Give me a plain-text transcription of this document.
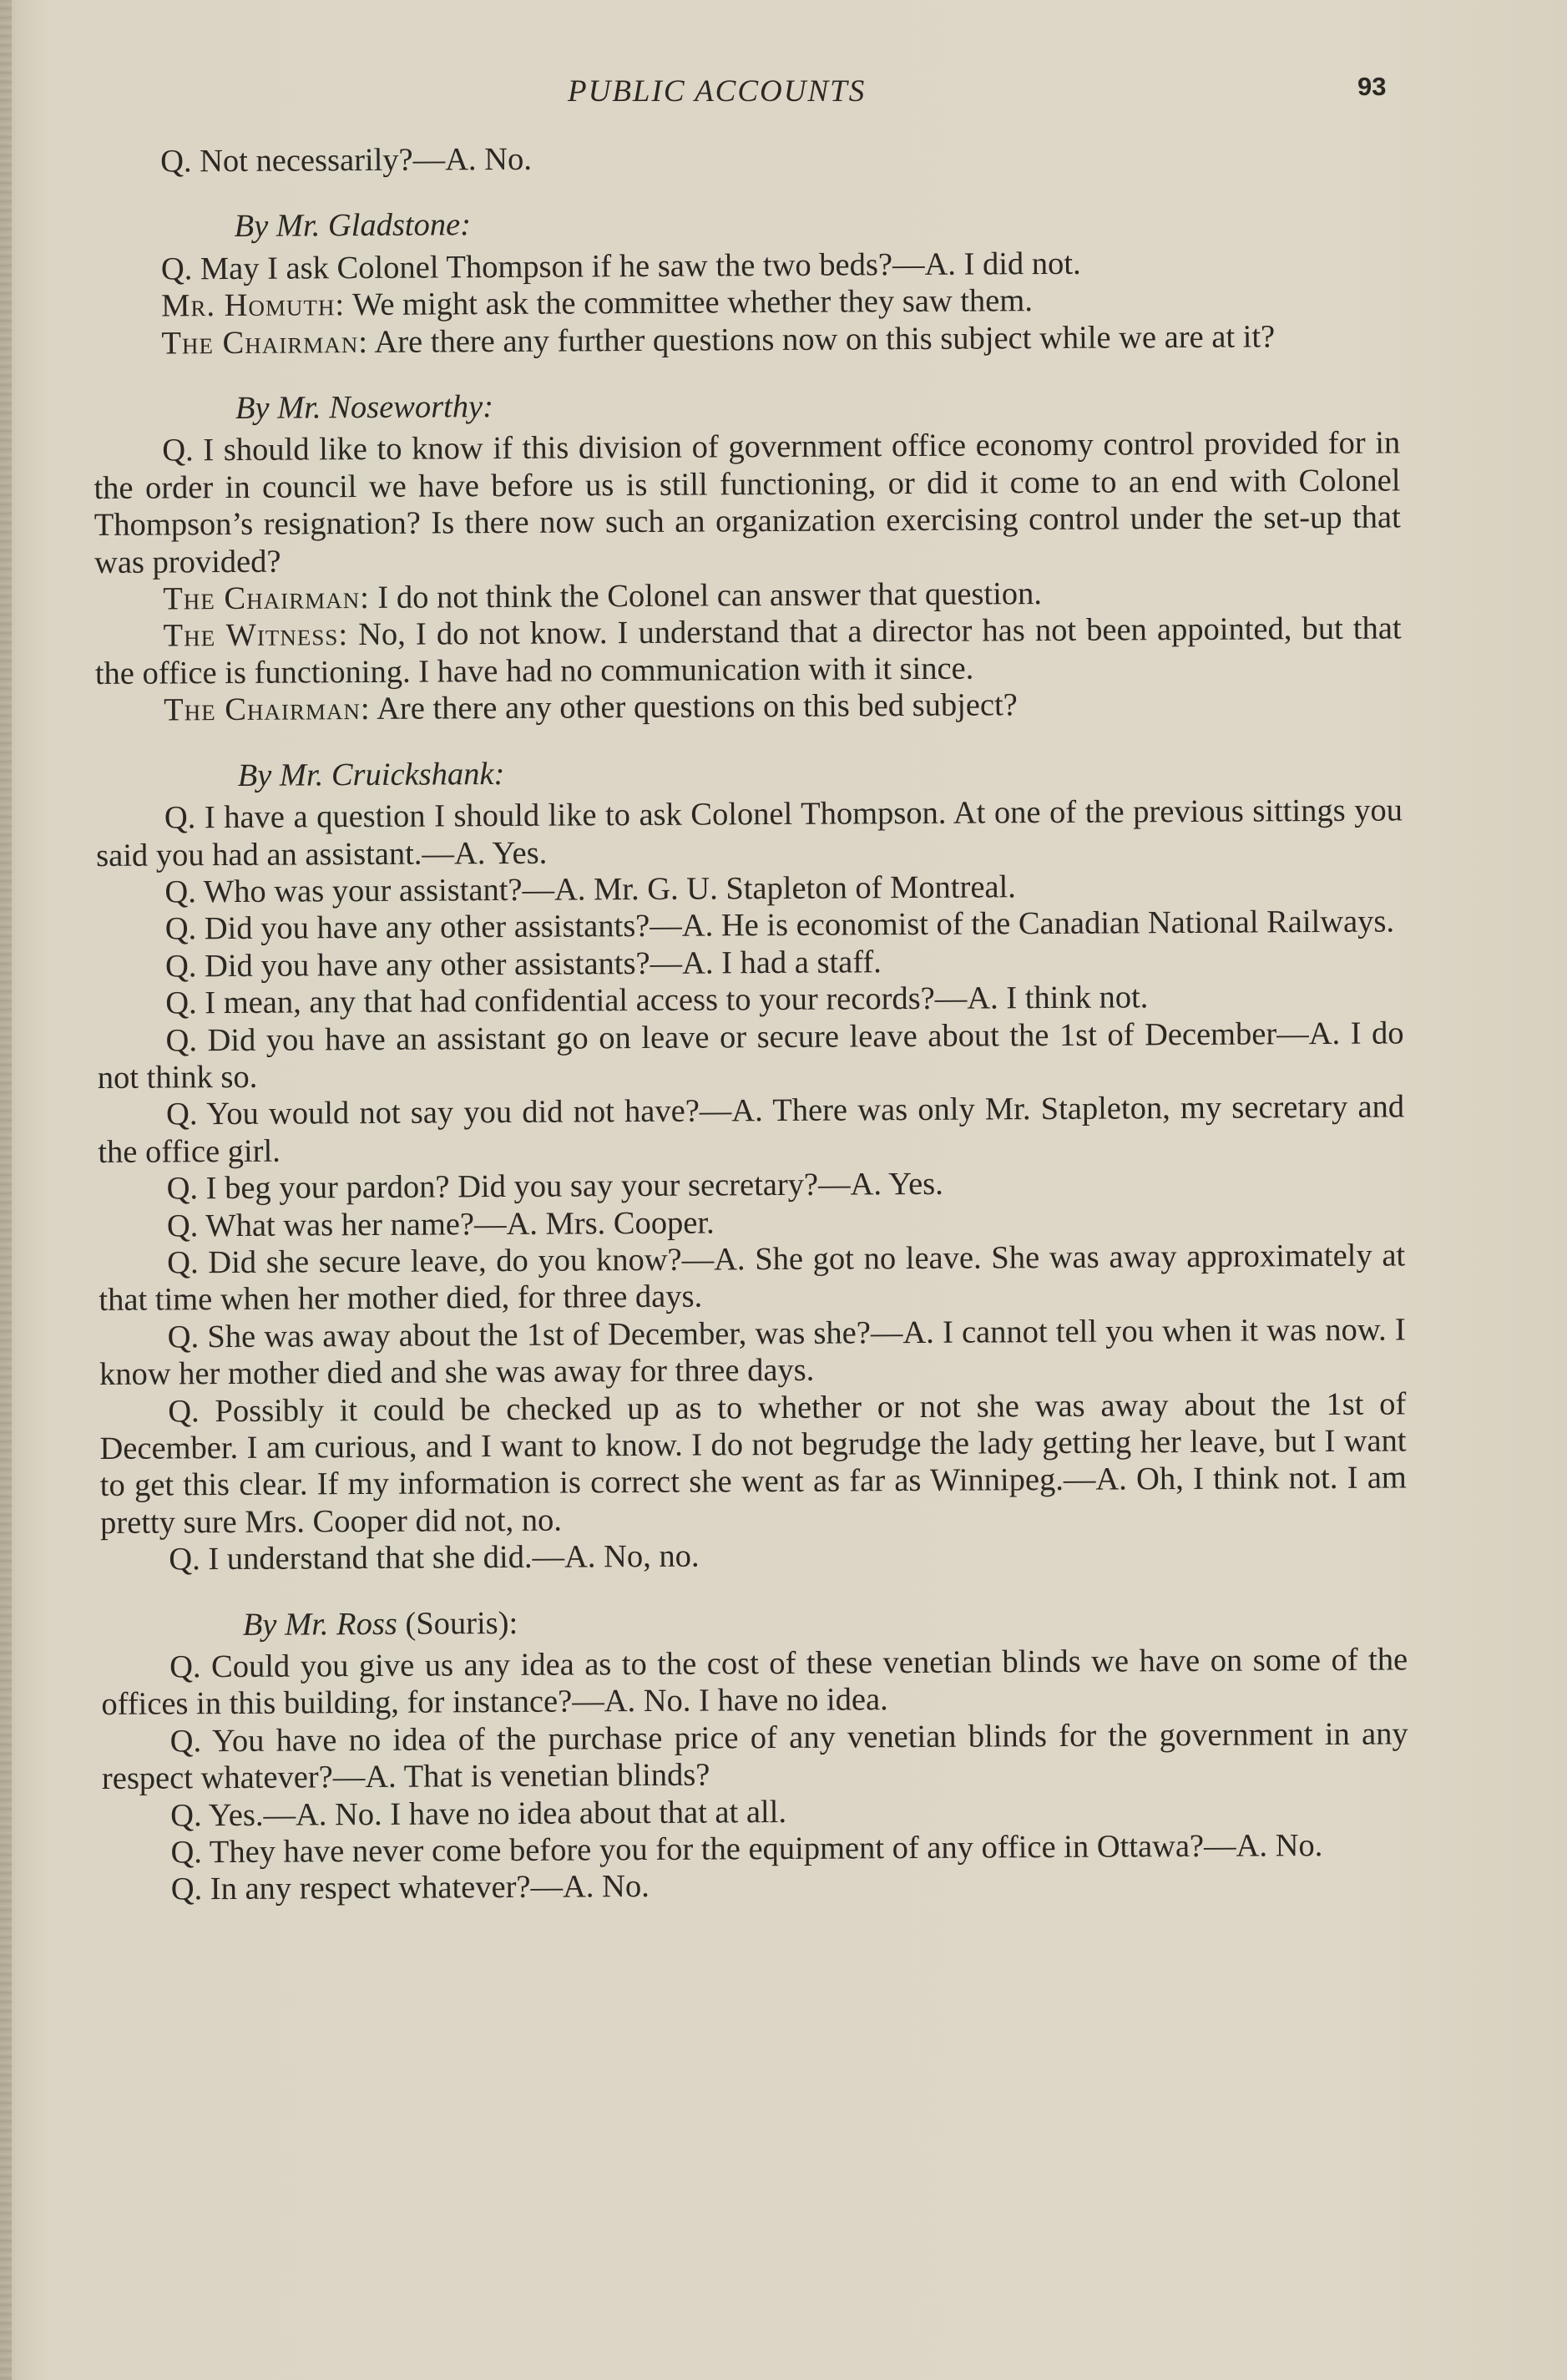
PUBLIC ACCOUNTS	93

Q. Not necessarily?—A. No.

By Mr. Gladstone:

Q. May I ask Colonel Thompson if he saw the two beds?—A. I did not.

Mr. Homuth: We might ask the committee whether they saw them.

The Chairman: Are there any further questions now on this subject while we are at it?

By Mr. Noseworthy:

Q. I should like to know if this division of government office economy control provided for in the order in council we have before us is still functioning, or did it come to an end with Colonel Thompson’s resignation? Is there now such an organization exercising control under the set-up that was provided?

The Chairman: I do not think the Colonel can answer that question.

The Witness: No, I do not know. I understand that a director has not been appointed, but that the office is functioning. I have had no communication with it since.

The Chairman: Are there any other questions on this bed subject?

By Mr. Cruickshank:

Q. I have a question I should like to ask Colonel Thompson. At one of the previous sittings you said you had an assistant.—A. Yes.

Q. Who was your assistant?—A. Mr. G. U. Stapleton of Montreal.

Q. Did you have any other assistants?—A. He is economist of the Canadian National Railways.

Q. Did you have any other assistants?—A. I had a staff.

Q. I mean, any that had confidential access to your records?—A. I think not.

Q. Did you have an assistant go on leave or secure leave about the 1st of December—A. I do not think so.

Q. You would not say you did not have?—A. There was only Mr. Stapleton, my secretary and the office girl.

Q. I beg your pardon? Did you say your secretary?—A. Yes.

Q. What was her name?—A. Mrs. Cooper.

Q. Did she secure leave, do you know?—A. She got no leave. She was away approximately at that time when her mother died, for three days.

Q. She was away about the 1st of December, was she?—A. I cannot tell you when it was now. I know her mother died and she was away for three days.

Q. Possibly it could be checked up as to whether or not she was away about the 1st of December. I am curious, and I want to know. I do not begrudge the lady getting her leave, but I want to get this clear. If my information is correct she went as far as Winnipeg.—A. Oh, I think not. I am pretty sure Mrs. Cooper did not, no.

Q. I understand that she did.—A. No, no.

By Mr. Ross (Souris):

Q. Could you give us any idea as to the cost of these venetian blinds we have on some of the offices in this building, for instance?—A. No. I have no idea.

Q. You have no idea of the purchase price of any venetian blinds for the government in any respect whatever?—A. That is venetian blinds?

Q. Yes.—A. No. I have no idea about that at all.

Q. They have never come before you for the equipment of any office in Ottawa?—A. No.

Q. In any respect whatever?—A. No.
